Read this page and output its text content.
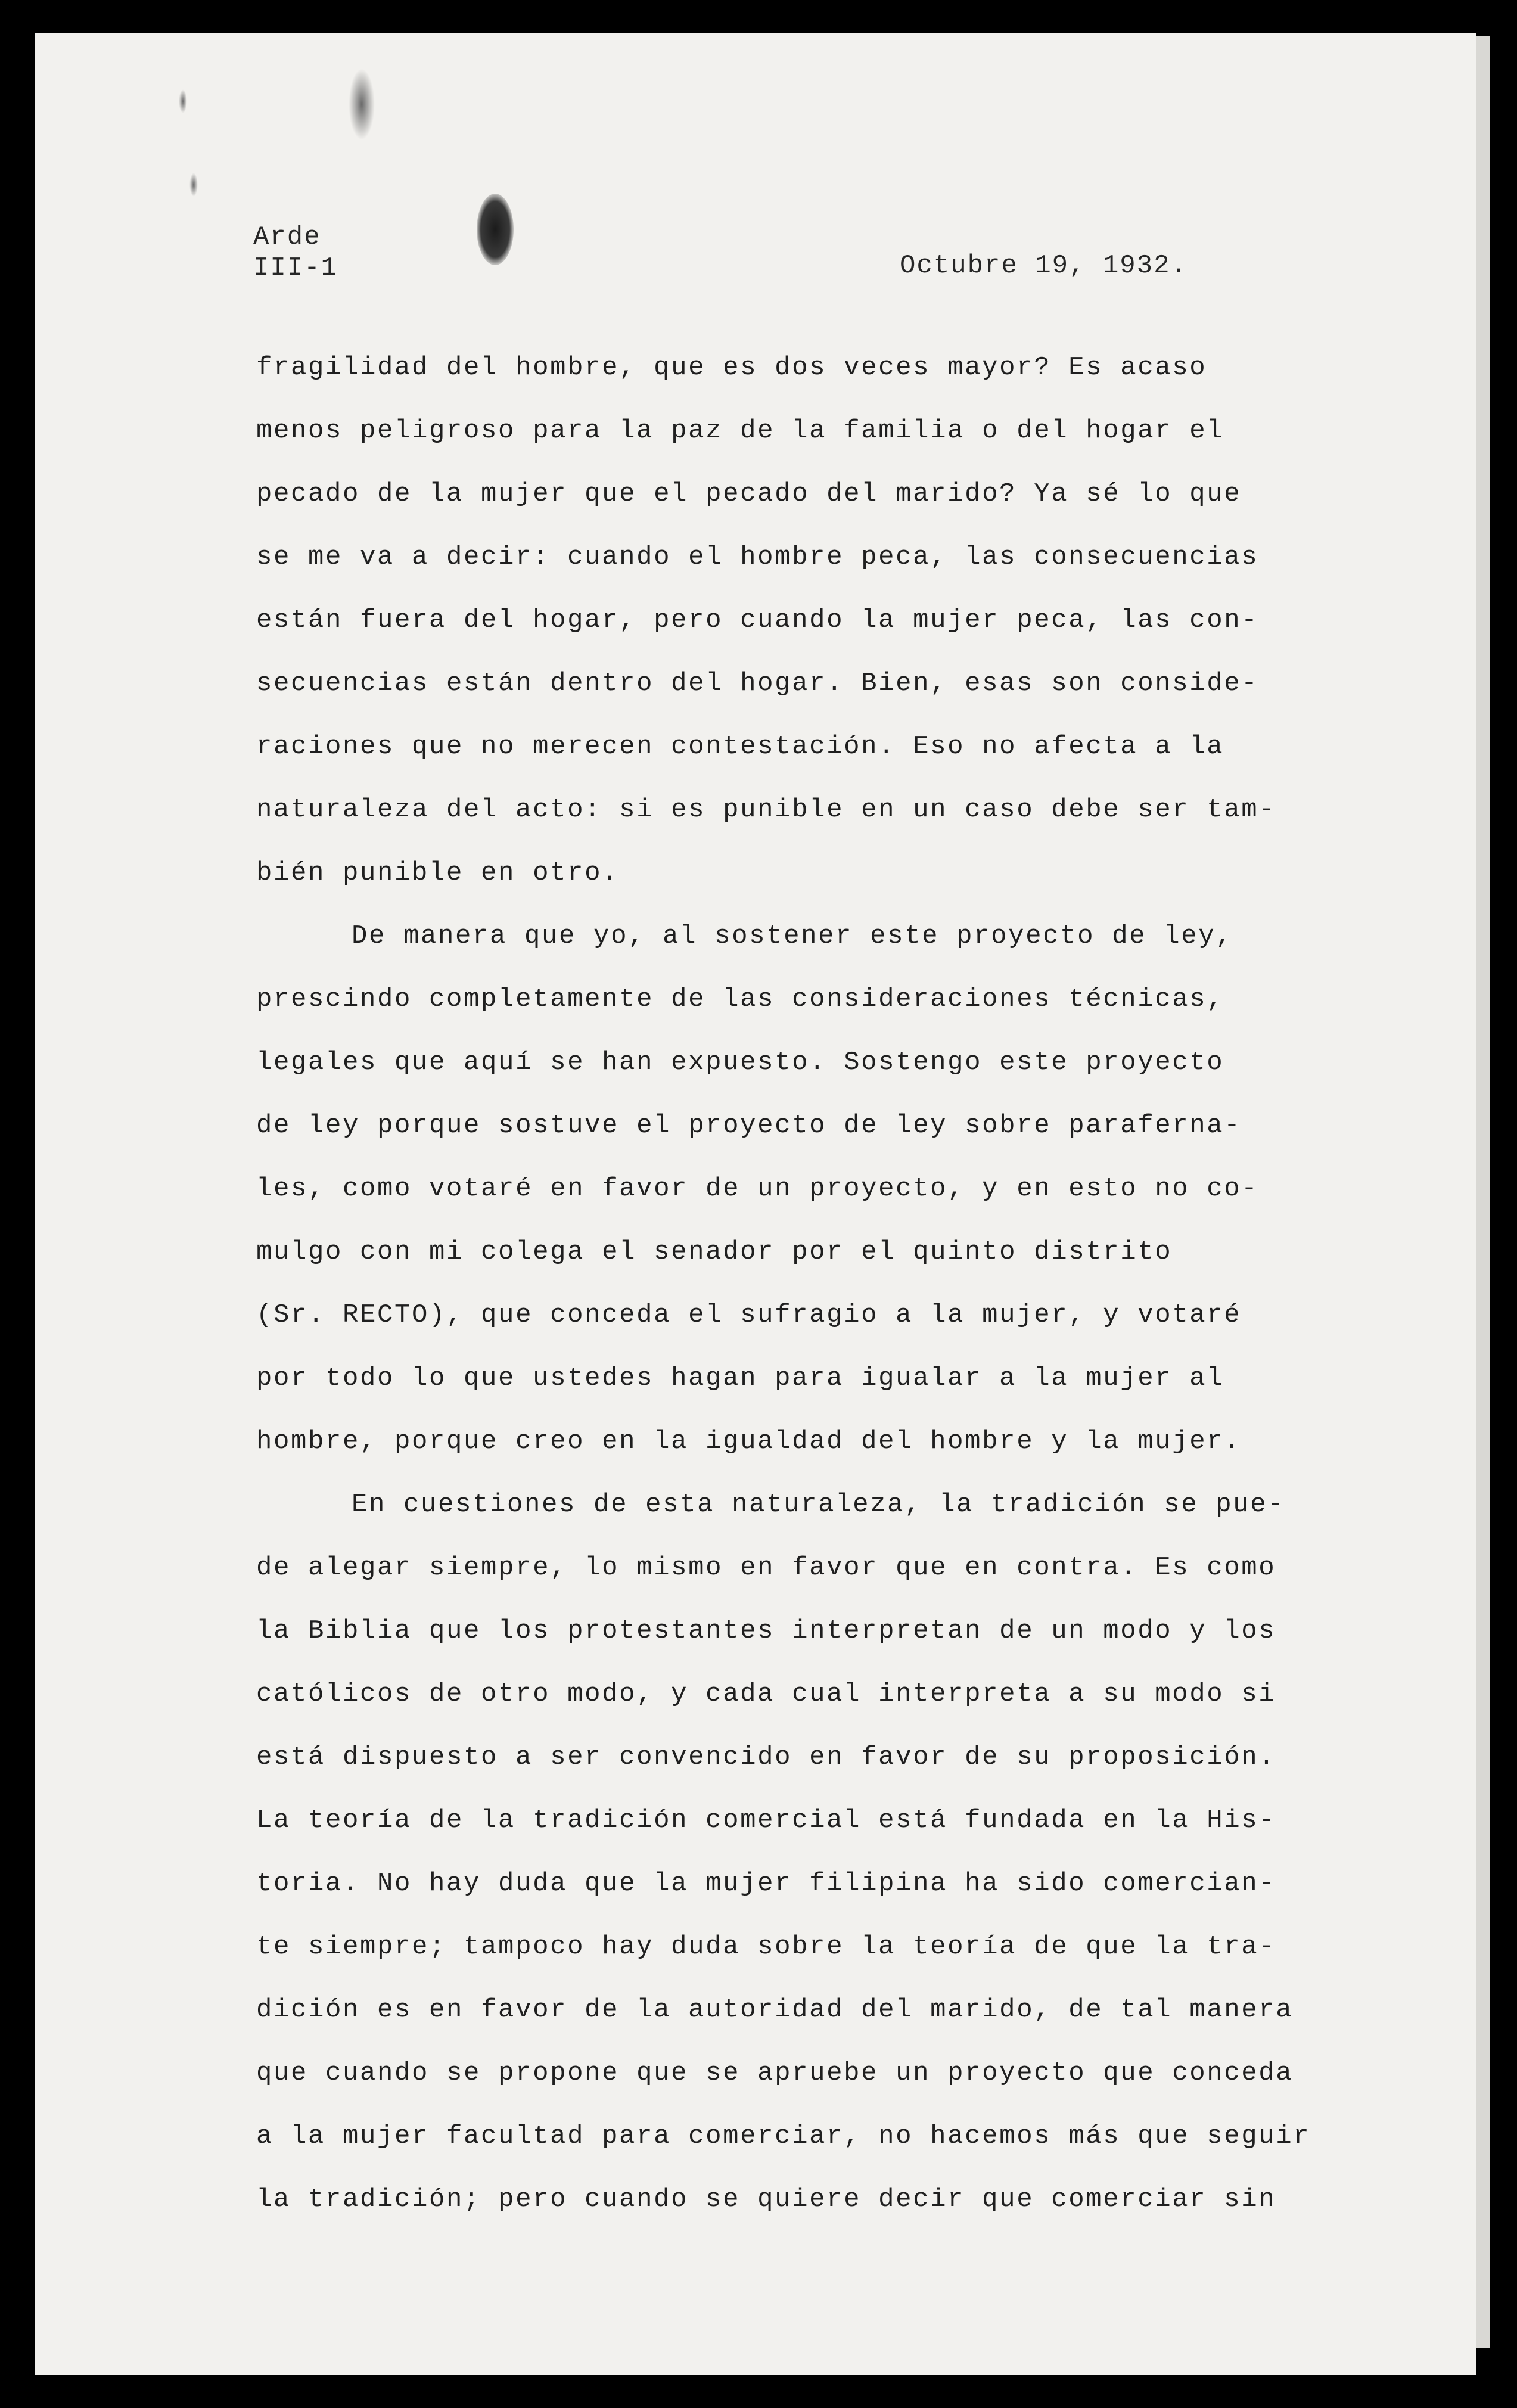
Arde
III-1	Octubre 19, 1932.
fragilidad del hombre, que es dos veces mayor? Es acaso
menos peligroso para la paz de la familia o del hogar el
pecado de la mujer que el pecado del marido? Ya sé lo que
se me va a decir: cuando el hombre peca, las consecuencias
están fuera del hogar, pero cuando la mujer peca, las con-
secuencias están dentro del hogar. Bien, esas son conside-
raciones que no merecen contestación. Eso no afecta a la
naturaleza del acto: si es punible en un caso debe ser tam-
bién punible en otro.
De manera que yo, al sostener este proyecto de ley,
prescindo completamente de las consideraciones técnicas,
legales que aquí se han expuesto. Sostengo este proyecto
de ley porque sostuve el proyecto de ley sobre paraferna-
les, como votaré en favor de un proyecto, y en esto no co-
mulgo con mi colega el senador por el quinto distrito
(Sr. RECTO), que conceda el sufragio a la mujer, y votaré
por todo lo que ustedes hagan para igualar a la mujer al
hombre, porque creo en la igualdad del hombre y la mujer.
En cuestiones de esta naturaleza, la tradición se pue-
de alegar siempre, lo mismo en favor que en contra. Es como
la Biblia que los protestantes interpretan de un modo y los
católicos de otro modo, y cada cual interpreta a su modo si
está dispuesto a ser convencido en favor de su proposición.
La teoría de la tradición comercial está fundada en la His-
toria. No hay duda que la mujer filipina ha sido comercian-
te siempre; tampoco hay duda sobre la teoría de que la tra-
dición es en favor de la autoridad del marido, de tal manera
que cuando se propone que se apruebe un proyecto que conceda
a la mujer facultad para comerciar, no hacemos más que seguir
la tradición; pero cuando se quiere decir que comerciar sin
